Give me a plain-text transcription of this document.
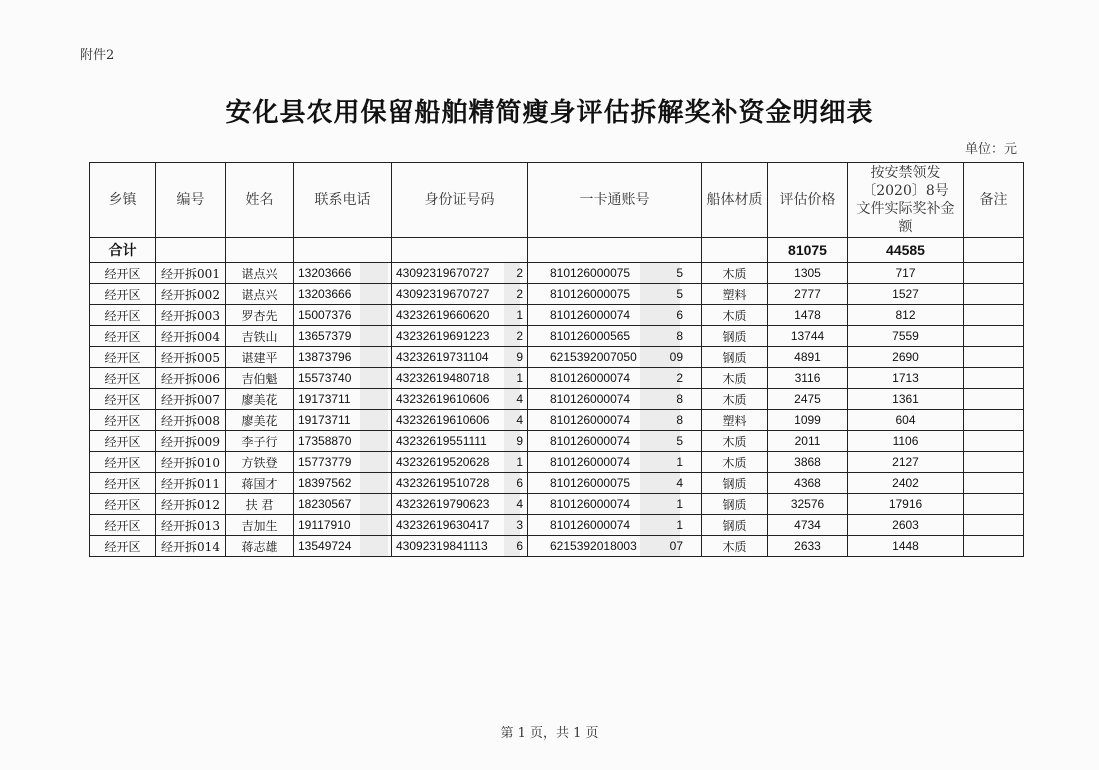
附件2
安化县农用保留船舶精简瘦身评估拆解奖补资金明细表
单位：元
乡镇	编号	姓名	联系电话	身份证号码	一卡通账号	船体材质	评估价格	按安禁领发〔2020〕8号文件实际奖补金额	备注
合计							81075	44585	
经开区	经开拆001	谌点兴	13203666	43092319670727 2	810126000075 5	木质	1305	717	
经开区	经开拆002	谌点兴	13203666	43092319670727 2	810126000075 5	塑料	2777	1527	
经开区	经开拆003	罗杏先	15007376	43232619660620 1	810126000074 6	木质	1478	812	
经开区	经开拆004	吉铁山	13657379	43232619691223 2	810126000565 8	钢质	13744	7559	
经开区	经开拆005	谌建平	13873796	43232619731104 9	6215392007050 09	钢质	4891	2690	
经开区	经开拆006	吉伯魁	15573740	43232619480718 1	810126000074 2	木质	3116	1713	
经开区	经开拆007	廖美花	19173711	43232619610606 4	810126000074 8	木质	2475	1361	
经开区	经开拆008	廖美花	19173711	43232619610606 4	810126000074 8	塑料	1099	604	
经开区	经开拆009	李子行	17358870	43232619551111 9	810126000074 5	木质	2011	1106	
经开区	经开拆010	方铁登	15773779	43232619520628 1	810126000074 1	木质	3868	2127	
经开区	经开拆011	蒋国才	18397562	43232619510728 6	810126000075 4	钢质	4368	2402	
经开区	经开拆012	扶 君	18230567	43232619790623 4	810126000074 1	钢质	32576	17916	
经开区	经开拆013	吉加生	19117910	43232619630417 3	810126000074 1	钢质	4734	2603	
经开区	经开拆014	蒋志雄	13549724	43092319841113 6	6215392018003 07	木质	2633	1448	
第 1 页，共 1 页
